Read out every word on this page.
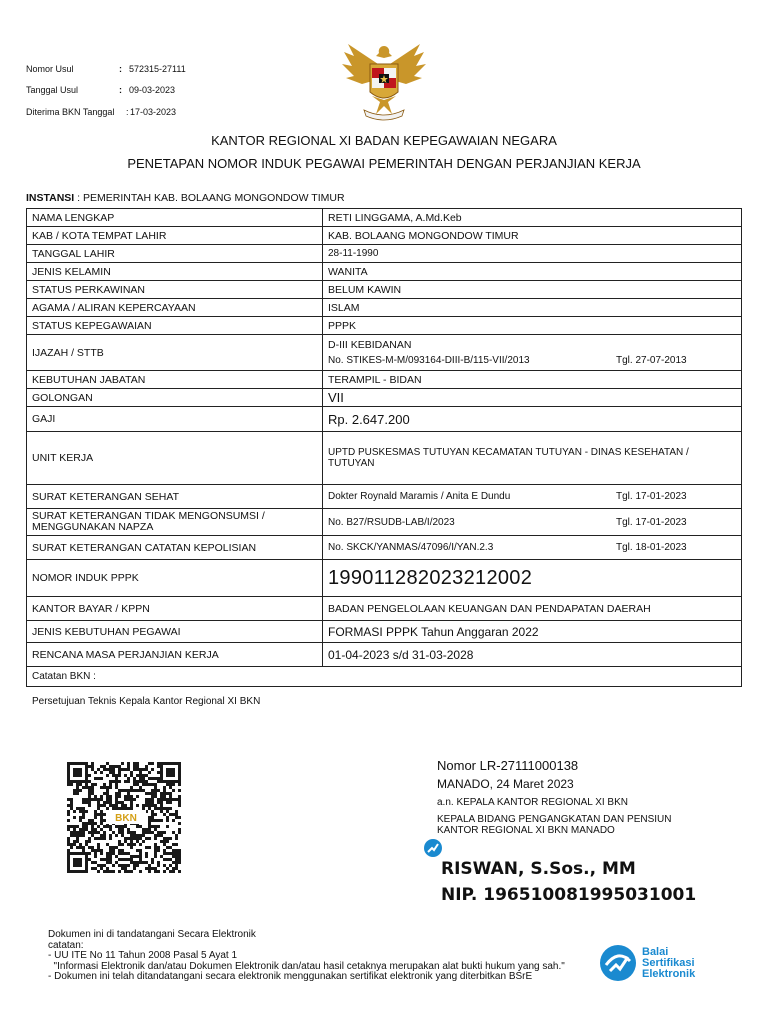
Nomor Usul	: 572315-27111
Tanggal Usul	: 09-03-2023
Diterima BKN Tanggal	: 17-03-2023
KANTOR REGIONAL XI BADAN KEPEGAWAIAN NEGARA
PENETAPAN NOMOR INDUK PEGAWAI PEMERINTAH DENGAN PERJANJIAN KERJA
INSTANSI : PEMERINTAH KAB. BOLAANG MONGONDOW TIMUR
NAMA LENGKAP	RETI LINGGAMA, A.Md.Keb
KAB / KOTA TEMPAT LAHIR	KAB. BOLAANG MONGONDOW TIMUR
TANGGAL LAHIR	28-11-1990
JENIS KELAMIN	WANITA
STATUS PERKAWINAN	BELUM KAWIN
AGAMA / ALIRAN KEPERCAYAAN	ISLAM
STATUS KEPEGAWAIAN	PPPK
IJAZAH / STTB	D-III KEBIDANAN
No. STIKES-M-M/093164-DIII-B/115-VII/2013 Tgl. 27-07-2013

KEBUTUHAN JABATAN	TERAMPIL - BIDAN
GOLONGAN	VII
GAJI	Rp. 2.647.200
UNIT KERJA	UPTD PUSKESMAS TUTUYAN KECAMATAN TUTUYAN - DINAS KESEHATAN / TUTUYAN
SURAT KETERANGAN SEHAT	Dokter Roynald Maramis / Anita E Dundu Tgl. 17-01-2023

SURAT KETERANGAN TIDAK MENGONSUMSI / MENGGUNAKAN NAPZA	No. B27/RSUDB-LAB/I/2023 Tgl. 17-01-2023

SURAT KETERANGAN CATATAN KEPOLISIAN	No. SKCK/YANMAS/47096/I/YAN.2.3 Tgl. 18-01-2023

NOMOR INDUK PPPK	199011282023212002
KANTOR BAYAR / KPPN	BADAN PENGELOLAAN KEUANGAN DAN PENDAPATAN DAERAH
JENIS KEBUTUHAN PEGAWAI	FORMASI PPPK Tahun Anggaran 2022
RENCANA MASA PERJANJIAN KERJA	01-04-2023 s/d 31-03-2028
Catatan BKN :	
Persetujuan Teknis Kepala Kantor Regional XI BKN
BKN
Nomor LR-27111000138
MANADO, 24 Maret 2023
a.n. KEPALA KANTOR REGIONAL XI BKN
KEPALA BIDANG PENGANGKATAN DAN PENSIUN
KANTOR REGIONAL XI BKN MANADO
RISWAN, S.Sos., MM
NIP. 196510081995031001
Dokumen ini di tandatangani Secara Elektronik
catatan:
- UU ITE No 11 Tahun 2008 Pasal 5 Ayat 1
"Informasi Elektronik dan/atau Dokumen Elektronik dan/atau hasil cetaknya merupakan alat bukti hukum yang sah."
- Dokumen ini telah ditandatangani secara elektronik menggunakan sertifikat elektronik yang diterbitkan BSrE
Balai
Sertifikasi
Elektronik
